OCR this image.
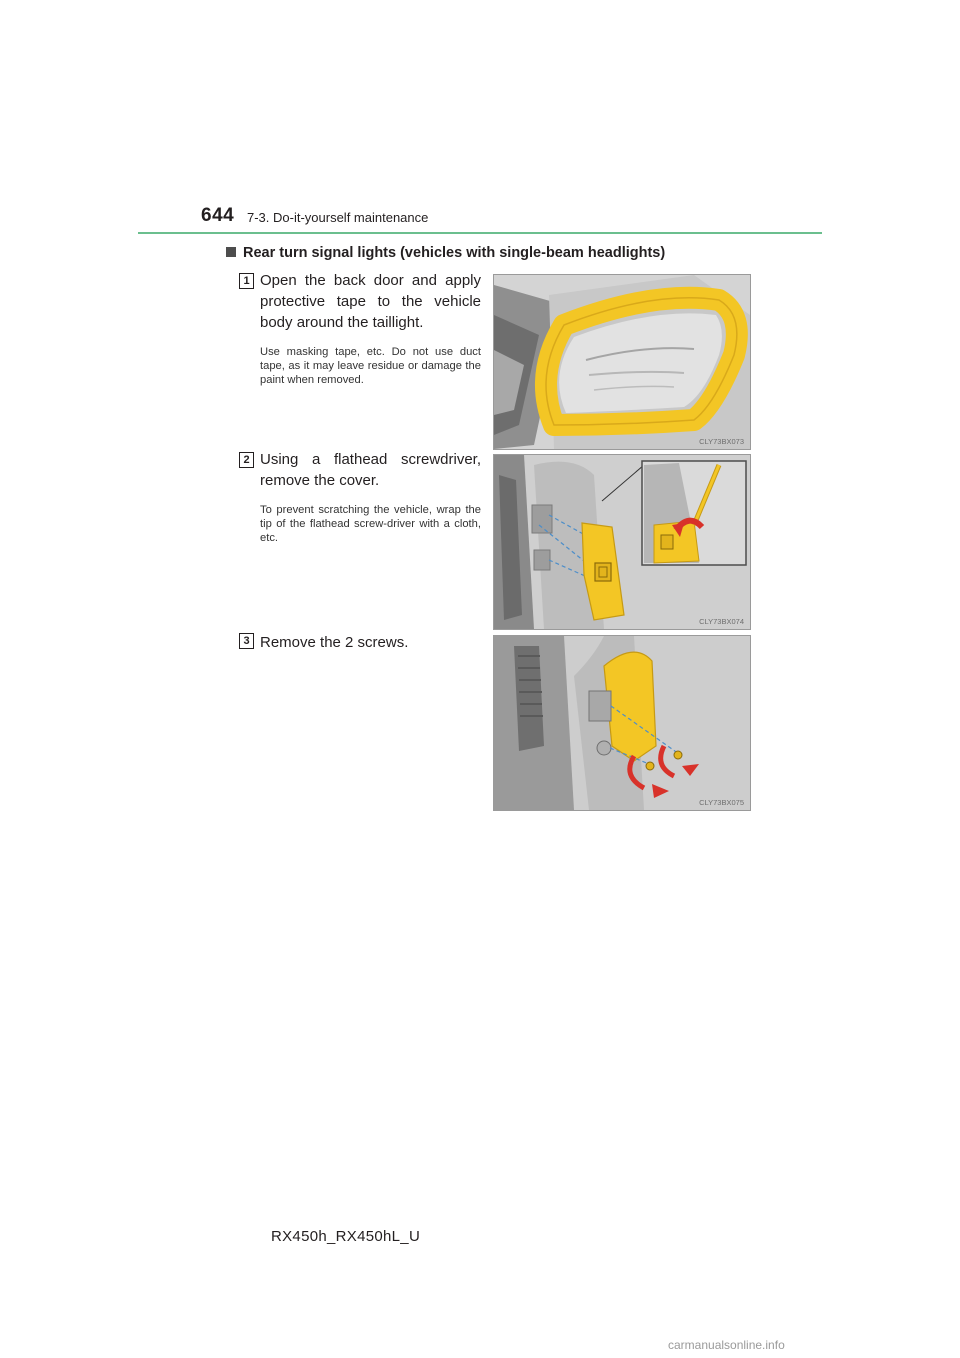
644 7-3. Do-it-yourself maintenance
Rear turn signal lights (vehicles with single-beam headlights)
1 Open the back door and apply protective tape to the vehicle body around the taillight.
Use masking tape, etc. Do not use duct tape, as it may leave residue or damage the paint when removed.
CLY73BX073
2 Using a flathead screwdriver, remove the cover.
To prevent scratching the vehicle, wrap the tip of the flathead screw-driver with a cloth, etc.
CLY73BX074
3 Remove the 2 screws.
CLY73BX075
RX450h_RX450hL_U
carmanualsonline.info
